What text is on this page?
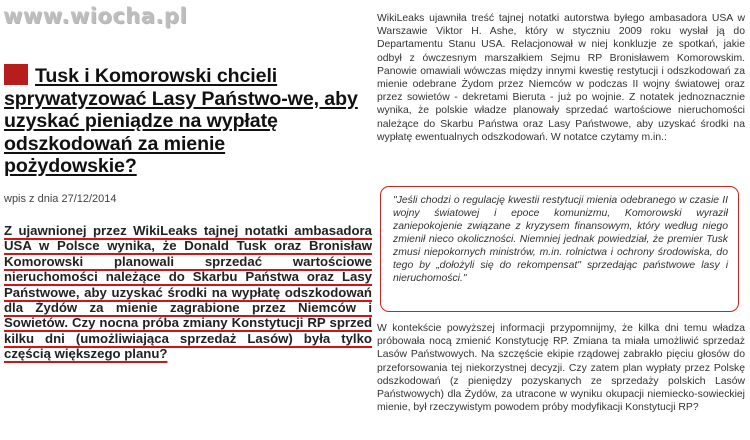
www.wiocha.pl
Tusk i Komorowski chcieli sprywatyzować Lasy Państwo-we, aby uzyskać pieniądze na wypłatę odszkodowań za mienie pożydowskie?
wpis z dnia 27/12/2014

Z ujawnionej przez WikiLeaks tajnej notatki ambasadora USA w Polsce wynika, że Donald Tusk oraz Bronisław Komorowski planowali sprzedać wartościowe nieruchomości należące do Skarbu Państwa oraz Lasy Państwowe, aby uzyskać środki na wypłatę odszkodowań dla Żydów za mienie zagrabione przez Niemców i Sowietów. Czy nocna próba zmiany Konstytucji RP sprzed kilku dni (umożliwiająca sprzedaż Lasów) była tylko częścią większego planu?

WikiLeaks ujawniła treść tajnej notatki autorstwa byłego ambasadora USA w Warszawie Viktor H. Ashe, który w styczniu 2009 roku wysłał ją do Departamentu Stanu USA. Relacjonował w niej konkluzje ze spotkań, jakie odbył z ówczesnym marszałkiem Sejmu RP Bronisławem Komorowskim. Panowie omawiali wówczas między innymi kwestię restytucji i odszkodowań za mienie odebrane Żydom przez Niemców w podczas II wojny światowej oraz przez sowietów - dekretami Bieruta - już po wojnie. Z notatek jednoznacznie wynika, że polskie władze planowały sprzedać wartościowe nieruchomości należące do Skarbu Państwa oraz Lasy Państwowe, aby uzyskać środki na wypłatę ewentualnych odszkodowań. W notatce czytamy m.in.:

"Jeśli chodzi o regulację kwestii restytucji mienia odebranego w czasie II wojny światowej i epoce komunizmu, Komorowski wyraził zaniepokojenie związane z kryzysem finansowym, który według niego zmienił nieco okoliczności. Niemniej jednak powiedział, że premier Tusk zmusi niepokornych ministrów, m.in. rolnictwa i ochrony środowiska, do tego by „dołożyli się do rekompensat" sprzedając państwowe lasy i nieruchomości."

W kontekście powyższej informacji przypomnijmy, że kilka dni temu władza próbowała nocą zmienić Konstytucję RP. Zmiana ta miała umożliwić sprzedaż Lasów Państwowych. Na szczęście ekipie rządowej zabrakło pięciu głosów do przeforsowania tej niekorzystnej decyzji. Czy zatem plan wypłaty przez Polskę odszkodowań (z pieniędzy pozyskanych ze sprzedaży polskich Lasów Państwowych) dla Żydów, za utracone w wyniku okupacji niemiecko-sowieckiej mienie, był rzeczywistym powodem próby modyfikacji Konstytucji RP?
